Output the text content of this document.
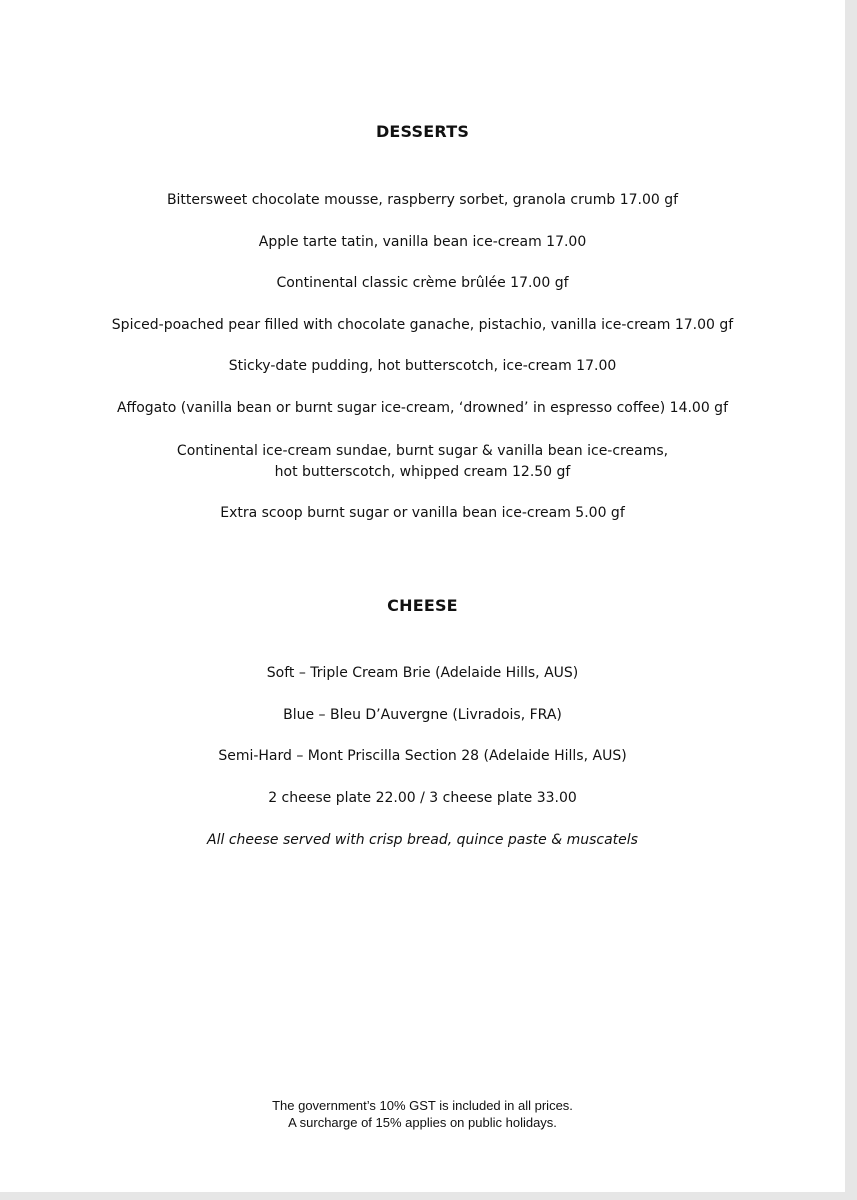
DESSERTS
Bittersweet chocolate mousse, raspberry sorbet, granola crumb 17.00 gf
Apple tarte tatin, vanilla bean ice-cream 17.00
Continental classic crème brûlée 17.00 gf
Spiced-poached pear filled with chocolate ganache, pistachio, vanilla ice-cream 17.00 gf
Sticky-date pudding, hot butterscotch, ice-cream 17.00
Affogato (vanilla bean or burnt sugar ice-cream, ‘drowned’ in espresso coffee) 14.00 gf
Continental ice-cream sundae, burnt sugar & vanilla bean ice-creams,
hot butterscotch, whipped cream 12.50 gf
Extra scoop burnt sugar or vanilla bean ice-cream 5.00 gf
CHEESE
Soft – Triple Cream Brie (Adelaide Hills, AUS)
Blue – Bleu D’Auvergne (Livradois, FRA)
Semi-Hard – Mont Priscilla Section 28 (Adelaide Hills, AUS)
2 cheese plate 22.00 / 3 cheese plate 33.00
All cheese served with crisp bread, quince paste & muscatels
The government’s 10% GST is included in all prices.
A surcharge of 15% applies on public holidays.
